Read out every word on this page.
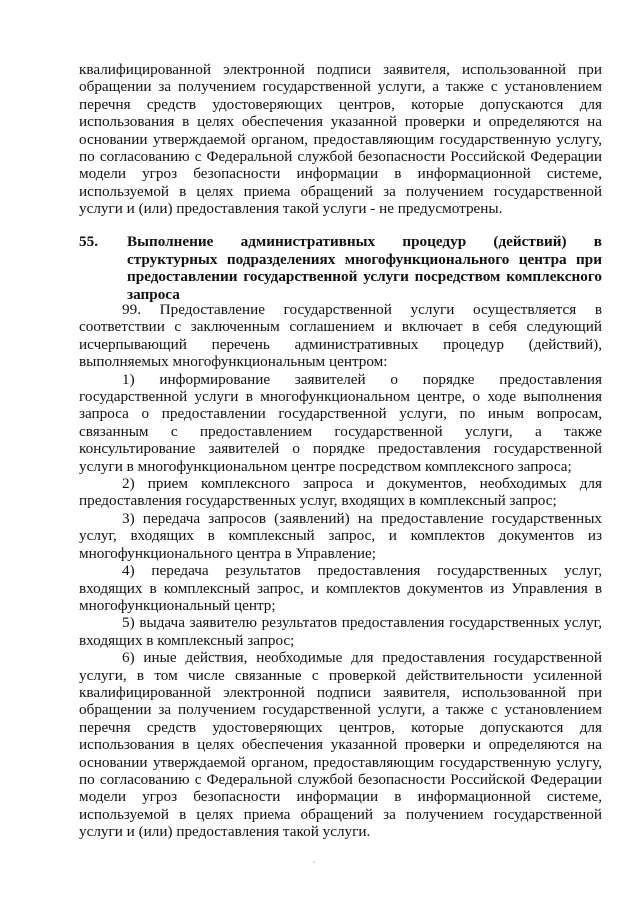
квалифицированной электронной подписи заявителя, использованной при обращении за получением государственной услуги, а также с установлением перечня средств удостоверяющих центров, которые допускаются для использования в целях обеспечения указанной проверки и определяются на основании утверждаемой органом, предоставляющим государственную услугу, по согласованию с Федеральной службой безопасности Российской Федерации модели угроз безопасности информации в информационной системе, используемой в целях приема обращений за получением государственной услуги и (или) предоставления такой услуги - не предусмотрены.

55. Выполнение административных процедур (действий) в структурных подразделениях многофункционального центра при предоставлении государственной услуги посредством комплексного запроса

99. Предоставление государственной услуги осуществляется в соответствии с заключенным соглашением и включает в себя следующий исчерпывающий перечень административных процедур (действий), выполняемых многофункциональным центром:

1) информирование заявителей о порядке предоставления государственной услуги в многофункциональном центре, о ходе выполнения запроса о предоставлении государственной услуги, по иным вопросам, связанным с предоставлением государственной услуги, а также консультирование заявителей о порядке предоставления государственной услуги в многофункциональном центре посредством комплексного запроса;

2) прием комплексного запроса и документов, необходимых для предоставления государственных услуг, входящих в комплексный запрос;

3) передача запросов (заявлений) на предоставление государственных услуг, входящих в комплексный запрос, и комплектов документов из многофункционального центра в Управление;

4) передача результатов предоставления государственных услуг, входящих в комплексный запрос, и комплектов документов из Управления в многофункциональный центр;

5) выдача заявителю результатов предоставления государственных услуг, входящих в комплексный запрос;

6) иные действия, необходимые для предоставления государственной услуги, в том числе связанные с проверкой действительности усиленной квалифицированной электронной подписи заявителя, использованной при обращении за получением государственной услуги, а также с установлением перечня средств удостоверяющих центров, которые допускаются для использования в целях обеспечения указанной проверки и определяются на основании утверждаемой органом, предоставляющим государственную услугу, по согласованию с Федеральной службой безопасности Российской Федерации модели угроз безопасности информации в информационной системе, используемой в целях приема обращений за получением государственной услуги и (или) предоставления такой услуги.
